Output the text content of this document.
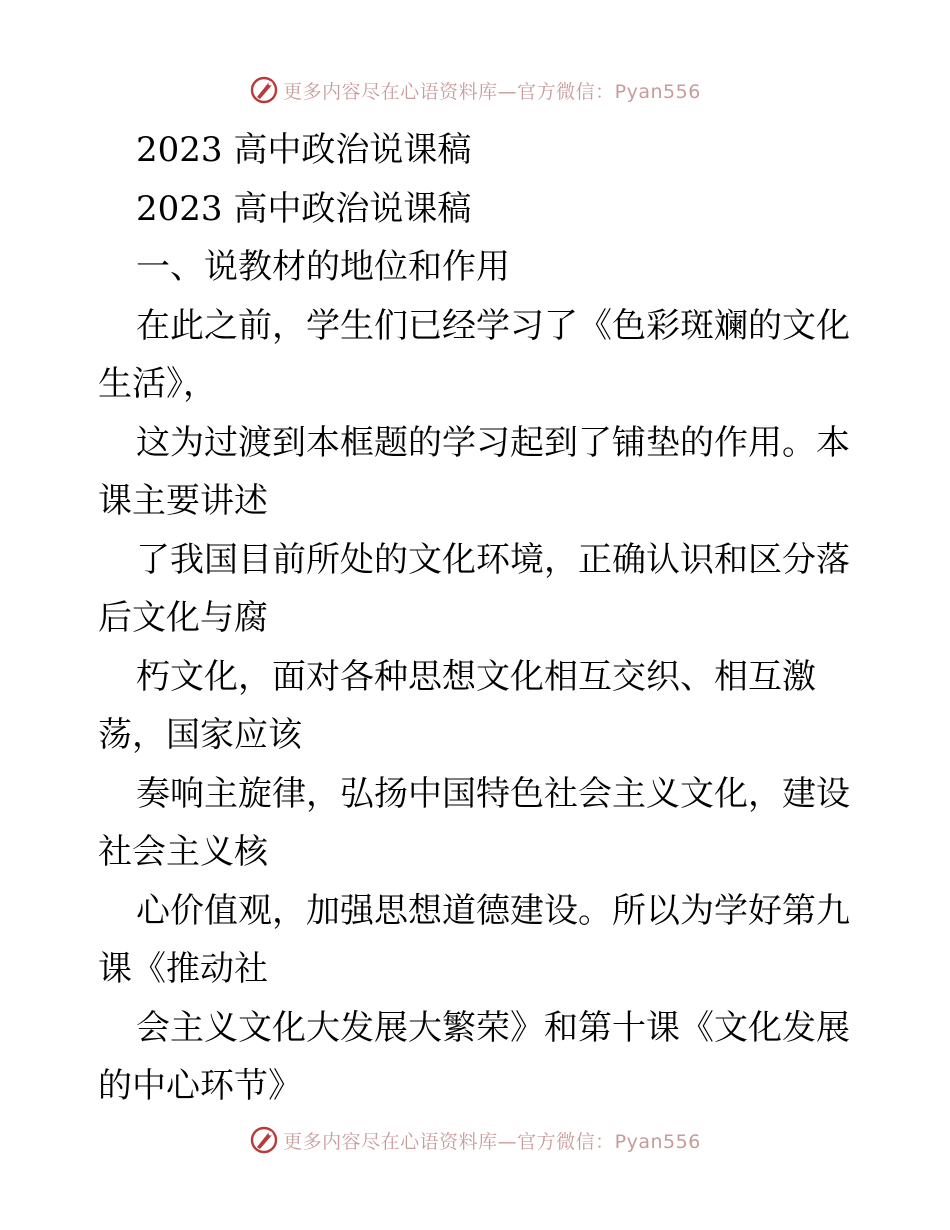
更多内容尽在心语资料库—官方微信：Pyan556
2023 高中政治说课稿
2023 高中政治说课稿
一、说教材的地位和作用
在此之前，学生们已经学习了《色彩斑斓的文化
生活》，
这为过渡到本框题的学习起到了铺垫的作用。本
课主要讲述
了我国目前所处的文化环境，正确认识和区分落
后文化与腐
朽文化，面对各种思想文化相互交织、相互激
荡，国家应该
奏响主旋律，弘扬中国特色社会主义文化，建设
社会主义核
心价值观，加强思想道德建设。所以为学好第九
课《推动社
会主义文化大发展大繁荣》和第十课《文化发展
的中心环节》
更多内容尽在心语资料库—官方微信：Pyan556
